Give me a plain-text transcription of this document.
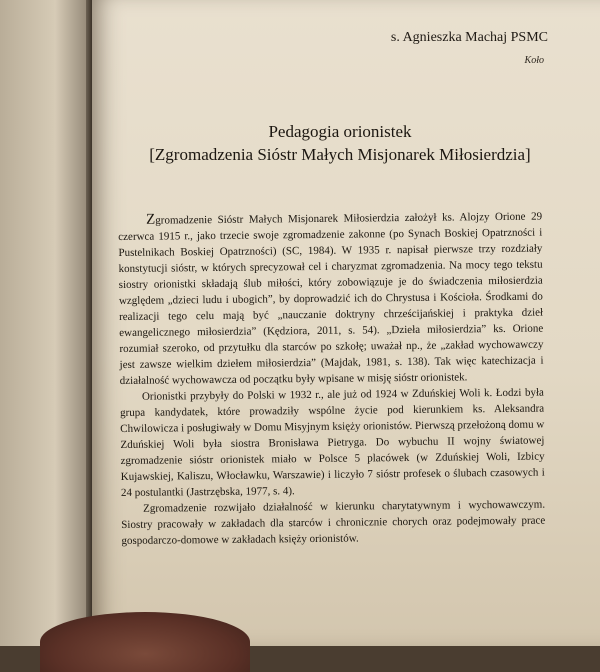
s. Agnieszka Machaj PSMC
Koło
Pedagogia orionistek
[Zgromadzenia Sióstr Małych Misjonarek Miłosierdzia]

Zgromadzenie Sióstr Małych Misjonarek Miłosierdzia założył ks. Alojzy Orione 29 czerwca 1915 r., jako trzecie swoje zgromadzenie zakonne (po Synach Boskiej Opatrzności i Pustelnikach Boskiej Opatrzności) (SC, 1984). W 1935 r. napisał pierwsze trzy rozdziały konstytucji sióstr, w których sprecyzował cel i charyzmat zgromadzenia. Na mocy tego tekstu siostry orionistki składają ślub miłości, który zobowiązuje je do świadczenia miłosierdzia względem „dzieci ludu i ubogich”, by doprowadzić ich do Chrystusa i Kościoła. Środkami do realizacji tego celu mają być „nauczanie doktryny chrześcijańskiej i praktyka dzieł ewangelicznego miłosierdzia” (Kędziora, 2011, s. 54). „Dzieła miłosierdzia” ks. Orione rozumiał szeroko, od przytułku dla starców po szkołę; uważał np., że „zakład wychowawczy jest zawsze wielkim dziełem miłosierdzia” (Majdak, 1981, s. 138). Tak więc katechizacja i działalność wychowawcza od początku były wpisane w misję sióstr orionistek.

Orionistki przybyły do Polski w 1932 r., ale już od 1924 w Zduńskiej Woli k. Łodzi była grupa kandydatek, które prowadziły wspólne życie pod kierunkiem ks. Aleksandra Chwilowicza i posługiwały w Domu Misyjnym księży orionistów. Pierwszą przełożoną domu w Zduńskiej Woli była siostra Bronisława Pietryga. Do wybuchu II wojny światowej zgromadzenie sióstr orionistek miało w Polsce 5 placówek (w Zduńskiej Woli, Izbicy Kujawskiej, Kaliszu, Włocławku, Warszawie) i liczyło 7 sióstr profesek o ślubach czasowych i 24 postulantki (Jastrzębska, 1977, s. 4).

Zgromadzenie rozwijało działalność w kierunku charytatywnym i wychowawczym. Siostry pracowały w zakładach dla starców i chronicznie chorych oraz podejmowały prace gospodarczo-domowe w zakładach księży orionistów.
